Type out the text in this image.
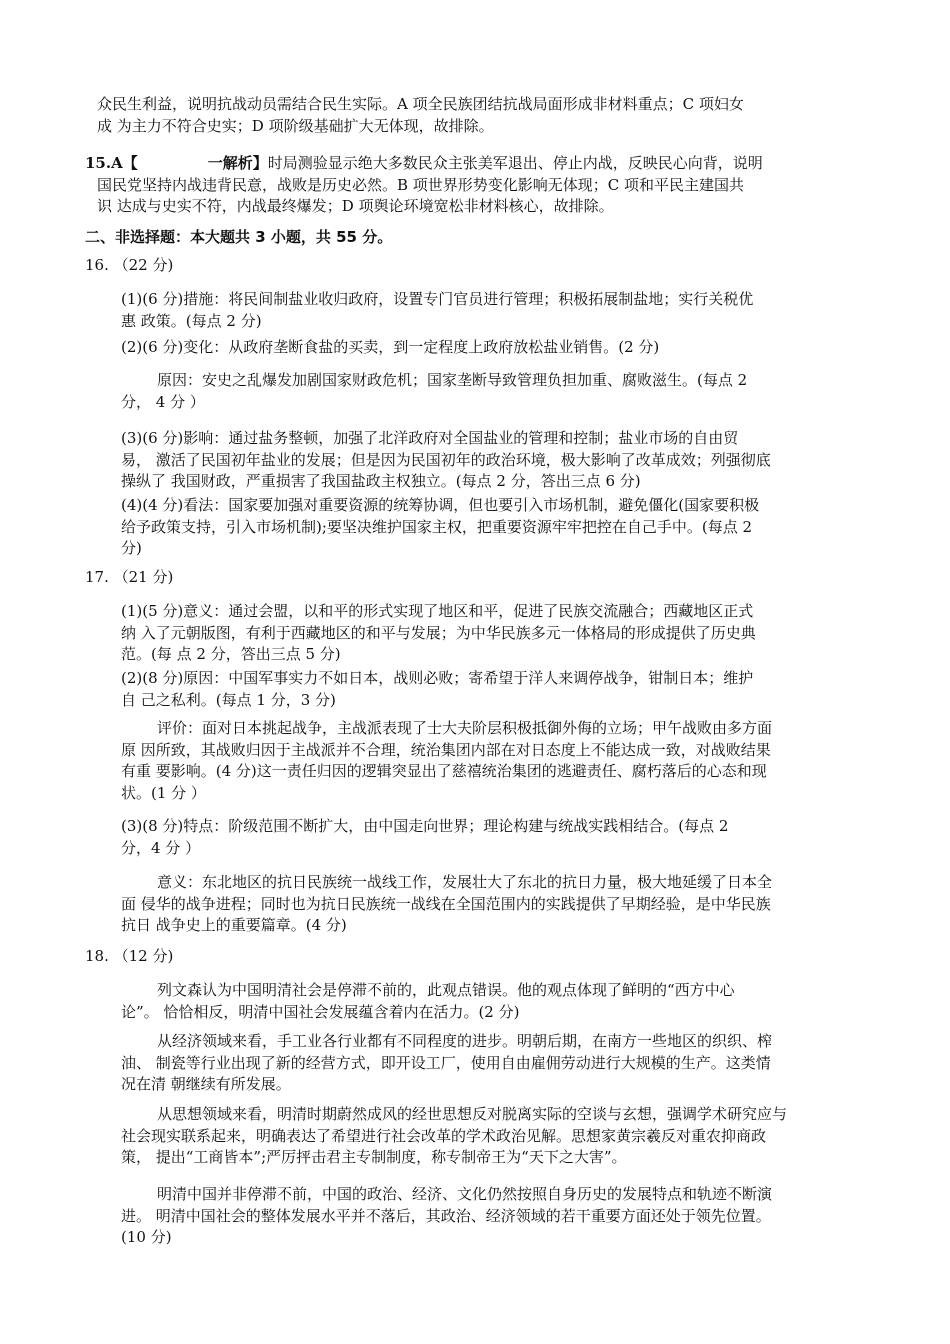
众民生利益，说明抗战动员需结合民生实际。A 项全民族团结抗战局面形成非材料重点；C 项妇女
成 为主力不符合史实；D 项阶级基础扩大无体现，故排除。
15.A【	一解析】时局测验显示绝大多数民众主张美军退出、停止内战，反映民心向背，说明
国民党坚持内战违背民意，战败是历史必然。B 项世界形势变化影响无体现；C 项和平民主建国共
识 达成与史实不符，内战最终爆发；D 项舆论环境宽松非材料核心，故排除。
二、非选择题：本大题共 3 小题，共 55 分。
16. （22 分)
(1)(6 分)措施：将民间制盐业收归政府，设置专门官员进行管理；积极拓展制盐地；实行关税优
惠 政策。(每点 2 分)
(2)(6 分)变化：从政府垄断食盐的买卖，到一定程度上政府放松盐业销售。(2 分)
原因：安史之乱爆发加剧国家财政危机；国家垄断导致管理负担加重、腐败滋生。(每点 2
分， 4 分 ）
(3)(6 分)影响：通过盐务整顿，加强了北洋政府对全国盐业的管理和控制；盐业市场的自由贸
易， 激活了民国初年盐业的发展；但是因为民国初年的政治环境，极大影响了改革成效；列强彻底
操纵了 我国财政，严重损害了我国盐政主权独立。(每点 2 分，答出三点 6 分)
(4)(4 分)看法：国家要加强对重要资源的统筹协调，但也要引入市场机制，避免僵化(国家要积极
给予政策支持，引入市场机制);要坚决维护国家主权，把重要资源牢牢把控在自己手中。(每点 2
分)
17. （21 分)
(1)(5 分)意义：通过会盟，以和平的形式实现了地区和平，促进了民族交流融合；西藏地区正式
纳 入了元朝版图，有利于西藏地区的和平与发展；为中华民族多元一体格局的形成提供了历史典
范。(每 点 2 分，答出三点 5 分)
(2)(8 分)原因：中国军事实力不如日本，战则必败；寄希望于洋人来调停战争，钳制日本；维护
自 己之私利。(每点 1 分，3 分)
评价：面对日本挑起战争，主战派表现了士大夫阶层积极抵御外侮的立场；甲午战败由多方面
原 因所致，其战败归因于主战派并不合理，统治集团内部在对日态度上不能达成一致，对战败结果
有重 要影响。(4 分)这一责任归因的逻辑突显出了慈禧统治集团的逃避责任、腐朽落后的心态和现
状。(1 分 ）
(3)(8 分)特点：阶级范围不断扩大，由中国走向世界；理论构建与统战实践相结合。(每点 2
分，4 分 ）
意义：东北地区的抗日民族统一战线工作，发展壮大了东北的抗日力量，极大地延缓了日本全
面 侵华的战争进程；同时也为抗日民族统一战线在全国范围内的实践提供了早期经验，是中华民族
抗日 战争史上的重要篇章。(4 分)
18. （12 分)
列文森认为中国明清社会是停滞不前的，此观点错误。他的观点体现了鲜明的“西方中心
论”。 恰恰相反，明清中国社会发展蕴含着内在活力。(2 分)
从经济领域来看，手工业各行业都有不同程度的进步。明朝后期，在南方一些地区的织织、榨
油、 制瓷等行业出现了新的经营方式，即开设工厂，使用自由雇佣劳动进行大规模的生产。这类情
况在清 朝继续有所发展。
从思想领域来看，明清时期蔚然成风的经世思想反对脱离实际的空谈与玄想，强调学术研究应与
社会现实联系起来，明确表达了希望进行社会改革的学术政治见解。思想家黄宗羲反对重农抑商政
策， 提出“工商皆本”;严厉抨击君主专制制度，称专制帝王为“天下之大害”。
明清中国并非停滞不前，中国的政治、经济、文化仍然按照自身历史的发展特点和轨迹不断演
进。 明清中国社会的整体发展水平并不落后，其政治、经济领域的若干重要方面还处于领先位置。
(10 分)
